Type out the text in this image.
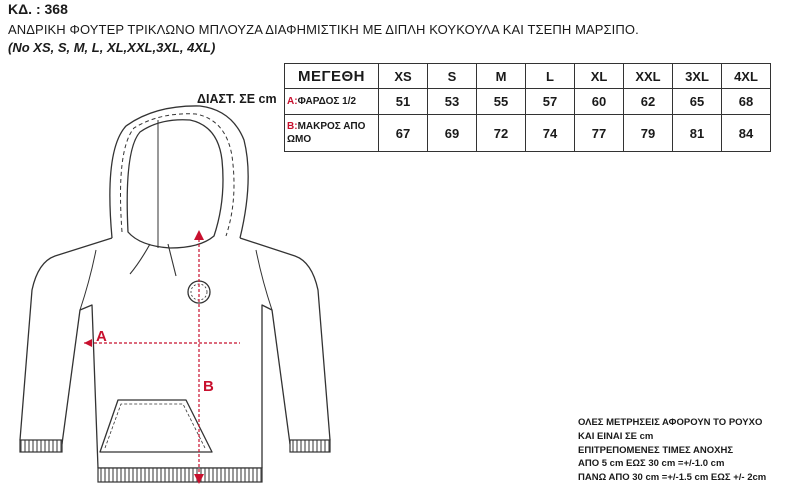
ΚΔ. : 368
ΑΝΔΡΙΚΗ ΦΟΥΤΕΡ ΤΡΙΚΛΩΝΟ ΜΠΛΟΥΖΑ ΔΙΑΦΗΜΙΣΤΙΚΗ ΜΕ ΔΙΠΛΗ ΚΟΥΚΟΥΛΑ ΚΑΙ ΤΣΕΠΗ ΜΑΡΣΙΠΟ.
(No XS, S, M, L, XL,XXL,3XL, 4XL)
ΔΙΑΣΤ. ΣΕ cm
ΜΕΓΕΘΗ	XS	S	M	L	XL	XXL	3XL	4XL
A:ΦΑΡΔΟΣ 1/2	51	53	55	57	60	62	65	68
B:ΜΑΚΡΟΣ ΑΠΟ ΩΜΟ	67	69	72	74	77	79	81	84
A
B
ΟΛΕΣ ΜΕΤΡΗΣΕΙΣ ΑΦΟΡΟΥΝ ΤΟ ΡΟΥΧΟ
ΚΑΙ ΕΙΝΑΙ ΣΕ cm
ΕΠΙΤΡΕΠΟΜΕΝΕΣ ΤΙΜΕΣ ΑΝΟΧΗΣ
ΑΠΟ 5 cm ΕΩΣ 30 cm =+/-1.0 cm
ΠΑΝΩ ΑΠΟ 30 cm =+/-1.5 cm ΕΩΣ +/- 2cm
